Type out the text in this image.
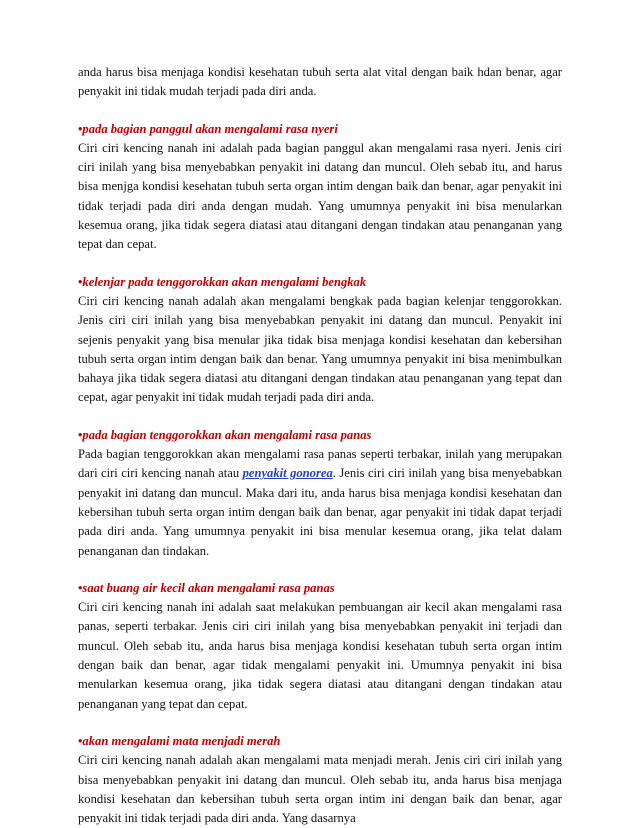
anda harus bisa menjaga kondisi kesehatan tubuh serta alat vital dengan baik hdan benar, agar penyakit ini tidak mudah terjadi pada diri anda.

•pada bagian panggul akan mengalami rasa nyeri

Ciri ciri kencing nanah ini adalah pada bagian panggul akan mengalami rasa nyeri. Jenis ciri ciri inilah yang bisa menyebabkan penyakit ini datang dan muncul. Oleh sebab itu, and harus bisa menjga kondisi kesehatan tubuh serta organ intim dengan baik dan benar, agar penyakit ini tidak terjadi pada diri anda dengan mudah. Yang umumnya penyakit ini bisa menularkan kesemua orang, jika tidak segera diatasi atau ditangani dengan tindakan atau penanganan yang tepat dan cepat.

•kelenjar pada tenggorokkan akan mengalami bengkak

Ciri ciri kencing nanah adalah akan mengalami bengkak pada bagian kelenjar tenggorokkan. Jenis ciri ciri inilah yang bisa menyebabkan penyakit ini datang dan muncul. Penyakit ini sejenis penyakit yang bisa menular jika tidak bisa menjaga kondisi kesehatan dan kebersihan tubuh serta organ intim dengan baik dan benar. Yang umumnya penyakit ini bisa menimbulkan bahaya jika tidak segera diatasi atu ditangani dengan tindakan atau penanganan yang tepat dan cepat, agar penyakit ini tidak mudah terjadi pada diri anda.

•pada bagian tenggorokkan akan mengalami rasa panas

Pada bagian tenggorokkan akan mengalami rasa panas seperti terbakar, inilah yang merupakan dari ciri ciri kencing nanah atau penyakit gonorea. Jenis ciri ciri inilah yang bisa menyebabkan penyakit ini datang dan muncul. Maka dari itu, anda harus bisa menjaga kondisi kesehatan dan kebersihan tubuh serta organ intim dengan baik dan benar, agar penyakit ini tidak dapat terjadi pada diri anda. Yang umumnya penyakit ini bisa menular kesemua orang, jika telat dalam penanganan dan tindakan.

•saat buang air kecil akan mengalami rasa panas

Ciri ciri kencing nanah ini adalah saat melakukan pembuangan air kecil akan mengalami rasa panas, seperti terbakar. Jenis ciri ciri inilah yang bisa menyebabkan penyakit ini terjadi dan muncul. Oleh sebab itu, anda harus bisa menjaga kondisi kesehatan tubuh serta organ intim dengan baik dan benar, agar tidak mengalami penyakit ini. Umumnya penyakit ini bisa menularkan kesemua orang, jika tidak segera diatasi atau ditangani dengan tindakan atau penanganan yang tepat dan cepat.

•akan mengalami mata menjadi merah

Ciri ciri kencing nanah adalah akan mengalami mata menjadi merah. Jenis ciri ciri inilah yang bisa menyebabkan penyakit ini datang dan muncul. Oleh sebab itu, anda harus bisa menjaga kondisi kesehatan dan kebersihan tubuh serta organ intim ini dengan baik dan benar, agar penyakit ini tidak terjadi pada diri anda. Yang dasarnya
